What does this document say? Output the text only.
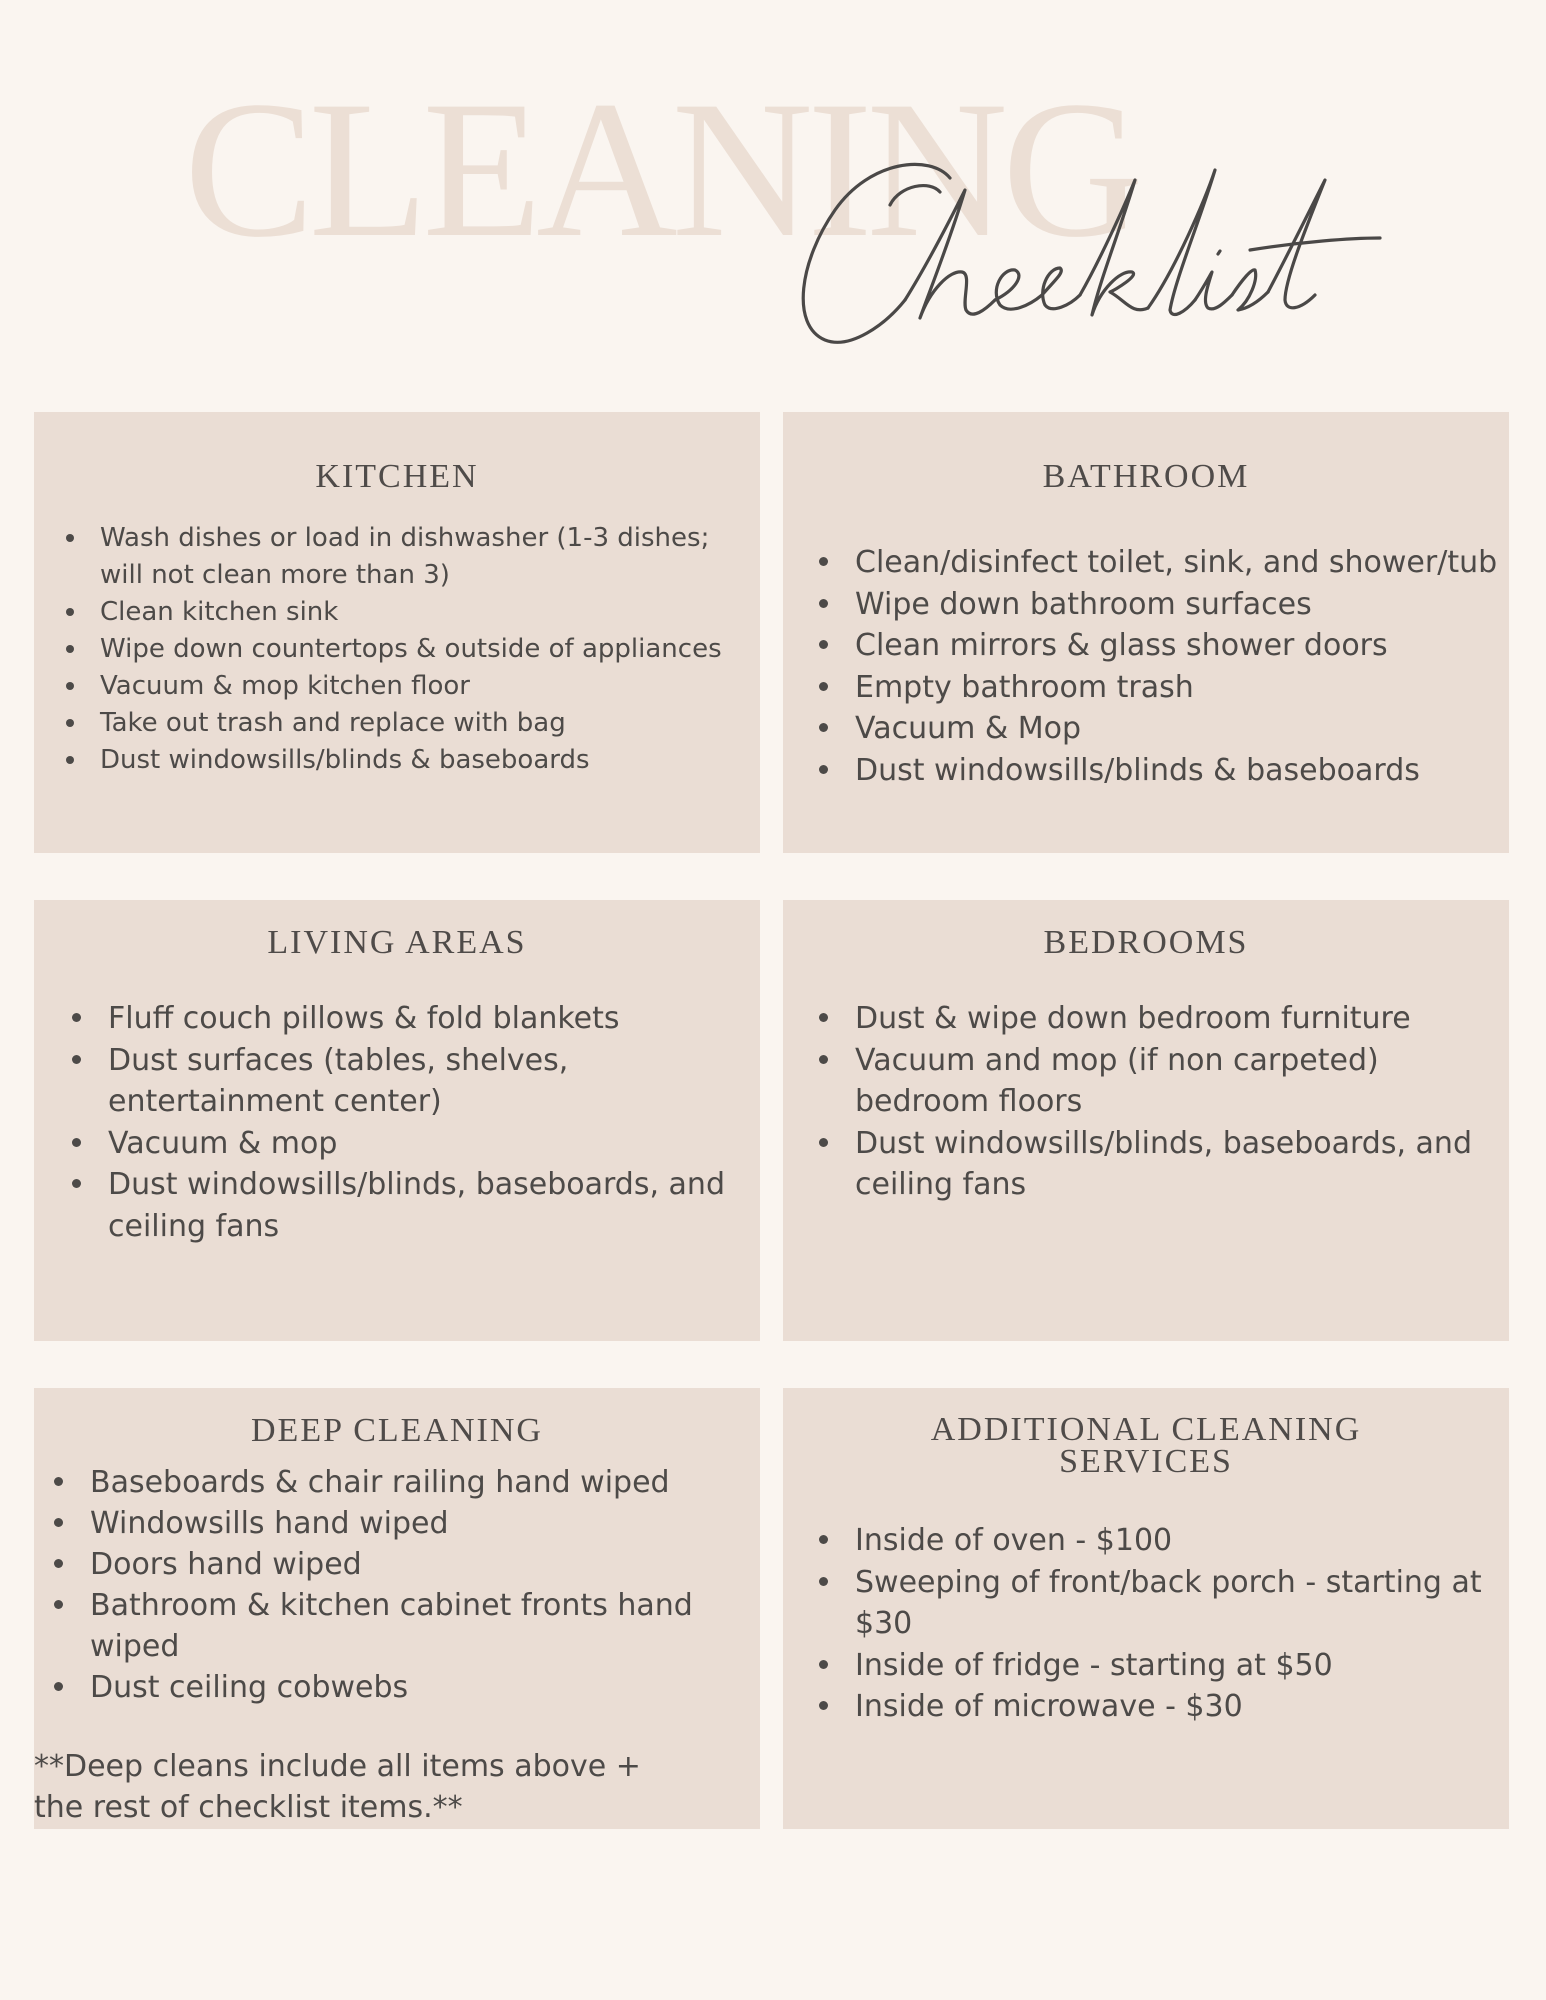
CLEANING
KITCHEN
Wash dishes or load in dishwasher (1-3 dishes; will not clean more than 3)
Clean kitchen sink
Wipe down countertops & outside of appliances
Vacuum & mop kitchen floor
Take out trash and replace with bag
Dust windowsills/blinds & baseboards
BATHROOM
Clean/disinfect toilet, sink, and shower/tub
Wipe down bathroom surfaces
Clean mirrors & glass shower doors
Empty bathroom trash
Vacuum & Mop
Dust windowsills/blinds & baseboards
LIVING AREAS
Fluff couch pillows & fold blankets
Dust surfaces (tables, shelves, entertainment center)
Vacuum & mop
Dust windowsills/blinds, baseboards, and ceiling fans
BEDROOMS
Dust & wipe down bedroom furniture
Vacuum and mop (if non carpeted) bedroom floors
Dust windowsills/blinds, baseboards, and ceiling fans
DEEP CLEANING
Baseboards & chair railing hand wiped
Windowsills hand wiped
Doors hand wiped
Bathroom & kitchen cabinet fronts hand wiped
Dust ceiling cobwebs
**Deep cleans include all items above + the rest of checklist items.**
ADDITIONAL CLEANING SERVICES
Inside of oven - $100
Sweeping of front/back porch - starting at $30
Inside of fridge - starting at $50
Inside of microwave - $30
